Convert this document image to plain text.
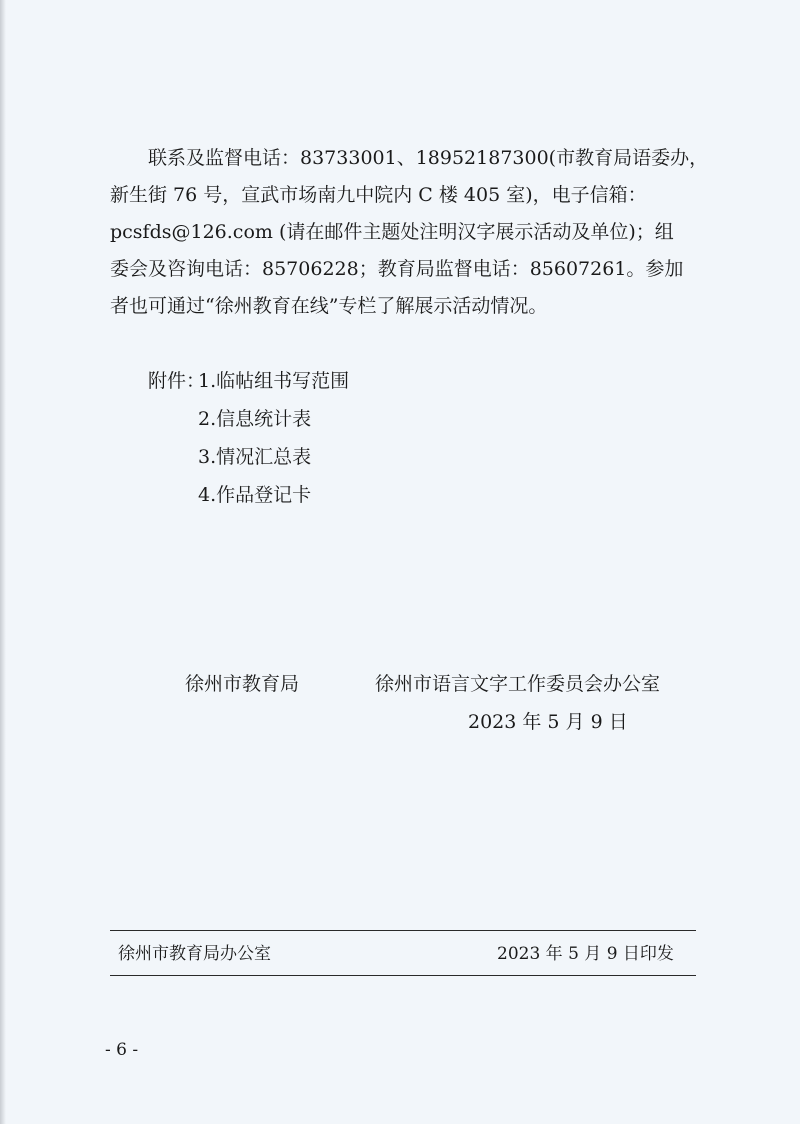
联系及监督电话：83733001、18952187300(市教育局语委办，
新生街 76 号，宣武市场南九中院内 C 楼 405 室)，电子信箱：
pcsfds@126.com (请在邮件主题处注明汉字展示活动及单位)；组
委会及咨询电话：85706228；教育局监督电话：85607261。参加
者也可通过“徐州教育在线”专栏了解展示活动情况。
附件：1.临帖组书写范围
2.信息统计表
3.情况汇总表
4.作品登记卡
徐州市教育局	徐州市语言文字工作委员会办公室
2023 年 5 月 9 日
徐州市教育局办公室	2023 年 5 月 9 日印发
- 6 -
